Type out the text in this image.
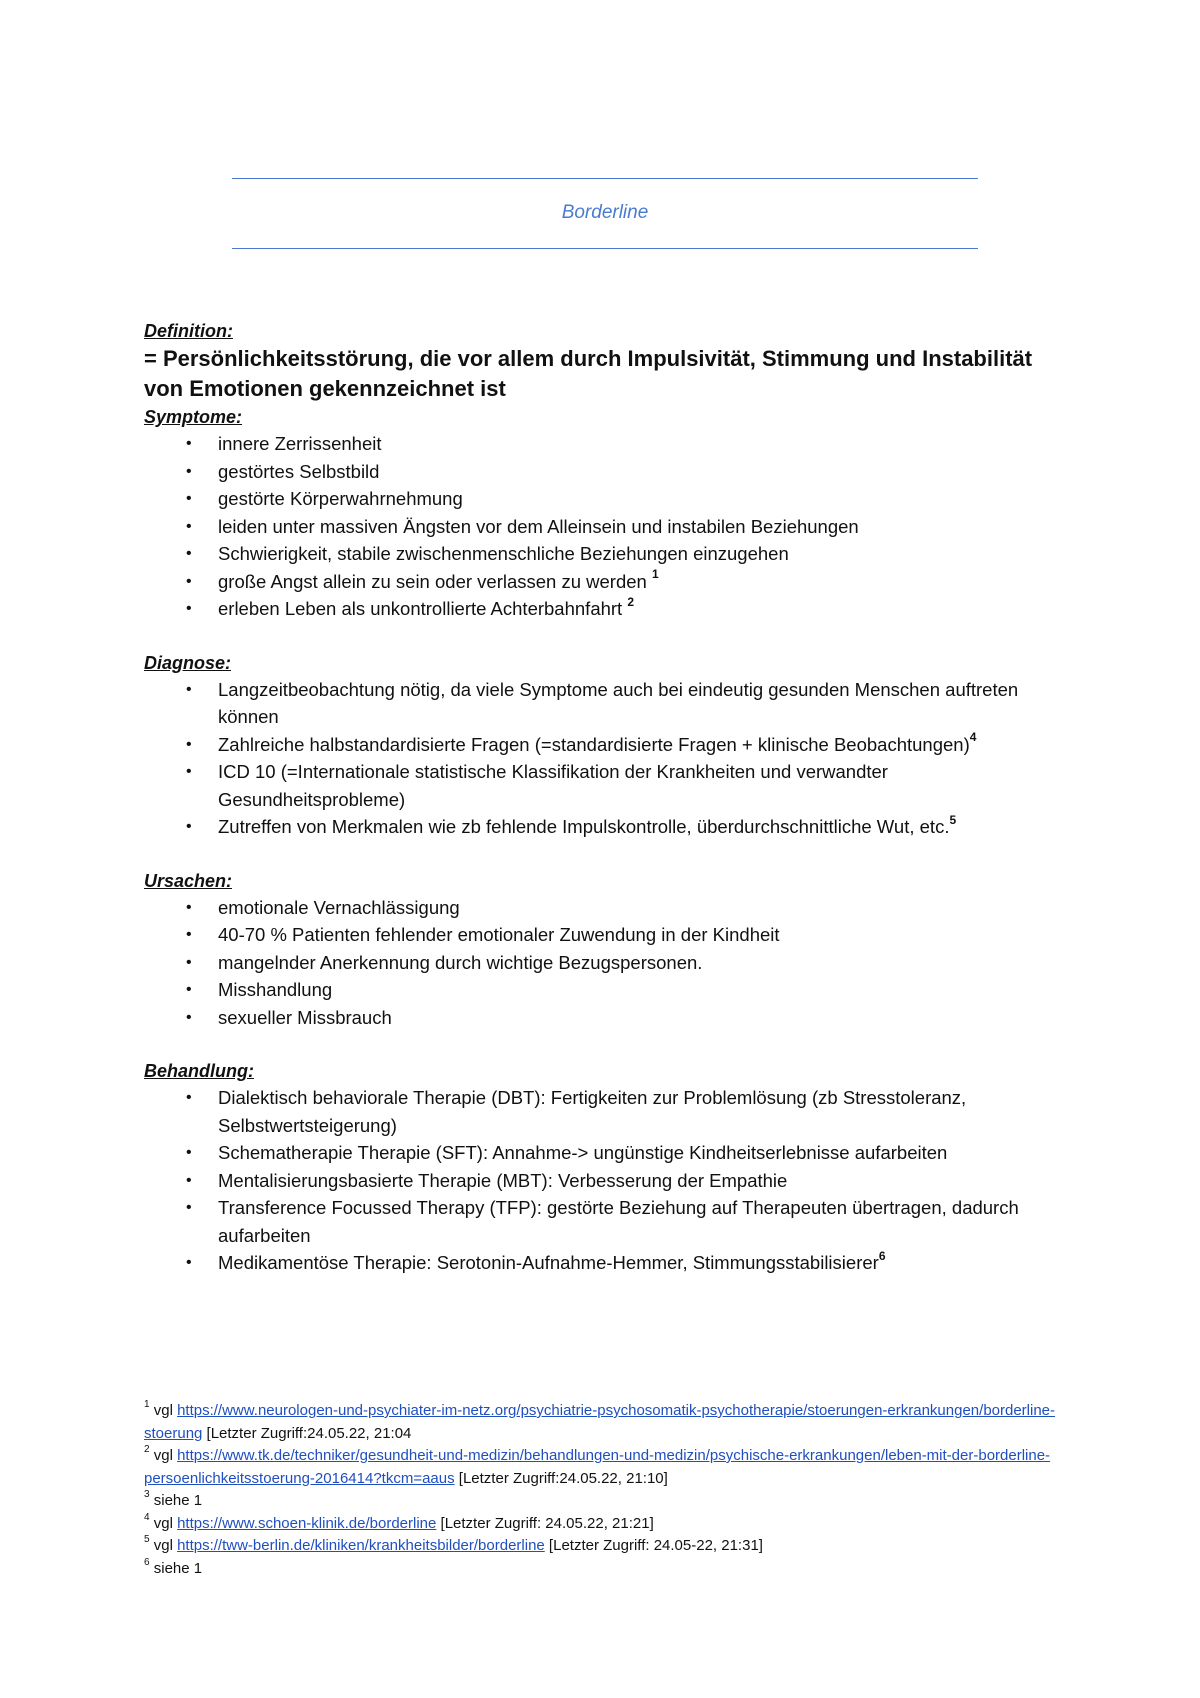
Borderline

Definition:

= Persönlichkeitsstörung, die vor allem durch Impulsivität, Stimmung und Instabilität von Emotionen gekennzeichnet ist

Symptome:

• innere Zerrissenheit
• gestörtes Selbstbild
• gestörte Körperwahrnehmung
• leiden unter massiven Ängsten vor dem Alleinsein und instabilen Beziehungen
• Schwierigkeit, stabile zwischenmenschliche Beziehungen einzugehen
• große Angst allein zu sein oder verlassen zu werden $^1$
• erleben Leben als unkontrollierte Achterbahnfahrt $^2$

Diagnose:

• Langzeitbeobachtung nötig, da viele Symptome auch bei eindeutig gesunden Menschen auftreten können
• Zahlreiche halbstandardisierte Fragen (=standardisierte Fragen + klinische Beobachtungen)$^4$
• ICD 10 (=Internationale statistische Klassifikation der Krankheiten und verwandter Gesundheitsprobleme)
• Zutreffen von Merkmalen wie zb fehlende Impulskontrolle, überdurchschnittliche Wut, etc.$^5$

Ursachen:

• emotionale Vernachlässigung
• 40-70 % Patienten fehlender emotionaler Zuwendung in der Kindheit
• mangelnder Anerkennung durch wichtige Bezugspersonen.
• Misshandlung
• sexueller Missbrauch

Behandlung:

• Dialektisch behaviorale Therapie (DBT): Fertigkeiten zur Problemlösung (zb Stresstoleranz, Selbstwertsteigerung)
• Schematherapie Therapie (SFT): Annahme-> ungünstige Kindheitserlebnisse aufarbeiten
• Mentalisierungsbasierte Therapie (MBT): Verbesserung der Empathie
• Transference Focussed Therapy (TFP): gestörte Beziehung auf Therapeuten übertragen, dadurch aufarbeiten
• Medikamentöse Therapie: Serotonin-Aufnahme-Hemmer, Stimmungsstabilisierer$^6$

$^1$ vgl https://www.neurologen-und-psychiater-im-netz.org/psychiatrie-psychosomatik-psychotherapie/stoerungen-erkrankungen/borderline-stoerung [Letzter Zugriff:24.05.22, 21:04

$^2$ vgl https://www.tk.de/techniker/gesundheit-und-medizin/behandlungen-und-medizin/psychische-erkrankungen/leben-mit-der-borderline-persoenlichkeitsstoerung-2016414?tkcm=aaus [Letzter Zugriff:24.05.22, 21:10]

$^3$ siehe 1

$^4$ vgl https://www.schoen-klinik.de/borderline [Letzter Zugriff: 24.05.22, 21:21]

$^5$ vgl https://tww-berlin.de/kliniken/krankheitsbilder/borderline [Letzter Zugriff: 24.05-22, 21:31]

$^6$ siehe 1
